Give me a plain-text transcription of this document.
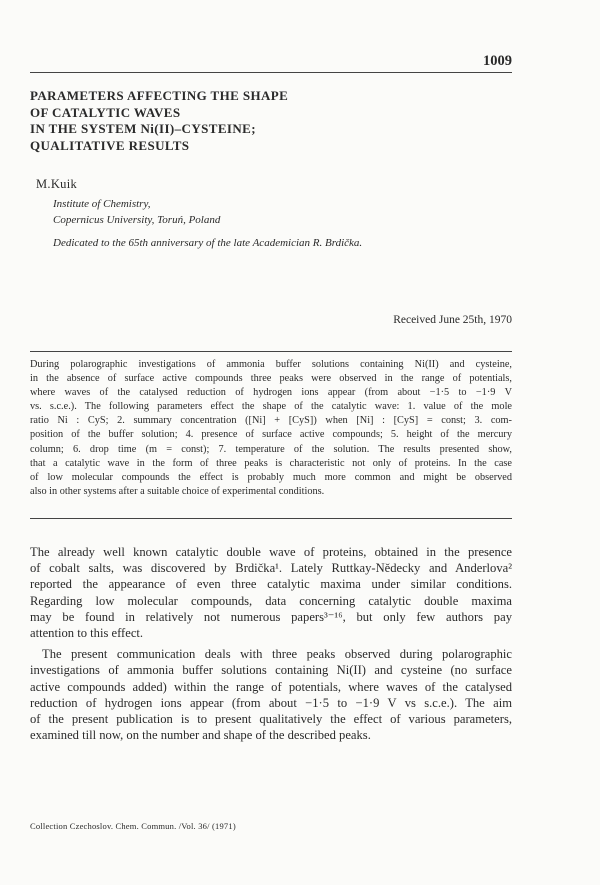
1009
PARAMETERS AFFECTING THE SHAPE
OF CATALYTIC WAVES
IN THE SYSTEM Ni(II)–CYSTEINE;
QUALITATIVE RESULTS
M.Kuik
Institute of Chemistry,
Copernicus University, Toruń, Poland
Dedicated to the 65th anniversary of the late Academician R. Brdička.
Received June 25th, 1970
During polarographic investigations of ammonia buffer solutions containing Ni(II) and cysteine,
in the absence of surface active compounds three peaks were observed in the range of potentials,
where waves of the catalysed reduction of hydrogen ions appear (from about −1·5 to −1·9 V
vs. s.c.e.). The following parameters effect the shape of the catalytic wave: 1. value of the mole
ratio Ni : CyS; 2. summary concentration ([Ni] + [CyS]) when [Ni] : [CyS] = const; 3. com-
position of the buffer solution; 4. presence of surface active compounds; 5. height of the mercury
column; 6. drop time (m = const); 7. temperature of the solution. The results presented show,
that a catalytic wave in the form of three peaks is characteristic not only of proteins. In the case
of low molecular compounds the effect is probably much more common and might be observed
also in other systems after a suitable choice of experimental conditions.
The already well known catalytic double wave of proteins, obtained in the presence
of cobalt salts, was discovered by Brdička¹. Lately Ruttkay-Nědecky and Anderlova²
reported the appearance of even three catalytic maxima under similar conditions.
Regarding low molecular compounds, data concerning catalytic double maxima
may be found in relatively not numerous papers³⁻¹⁶, but only few authors pay
attention to this effect.
The present communication deals with three peaks observed during polarographic
investigations of ammonia buffer solutions containing Ni(II) and cysteine (no surface
active compounds added) within the range of potentials, where waves of the catalysed
reduction of hydrogen ions appear (from about −1·5 to −1·9 V vs s.c.e.). The aim
of the present publication is to present qualitatively the effect of various parameters,
examined till now, on the number and shape of the described peaks.
Collection Czechoslov. Chem. Commun. /Vol. 36/ (1971)
